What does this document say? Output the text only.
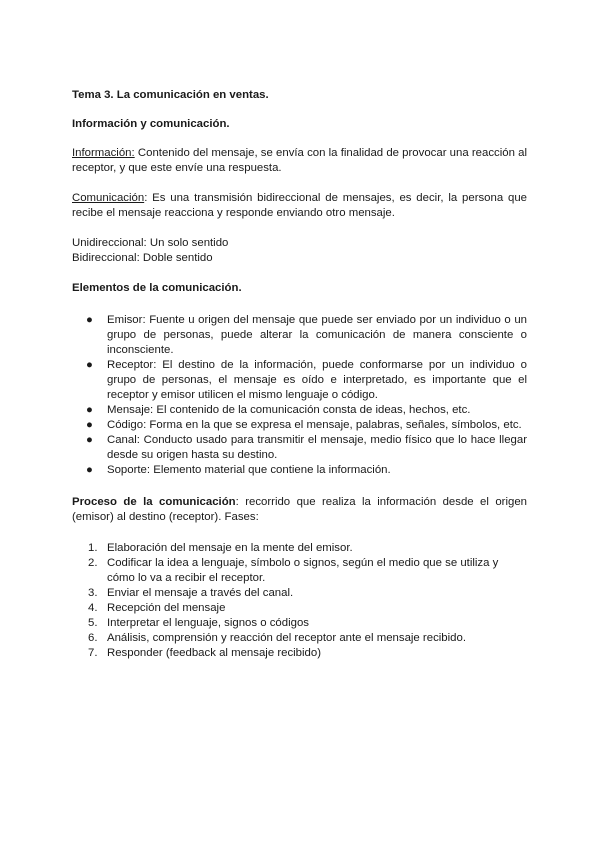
Tema 3. La comunicación en ventas.

Información y comunicación.

Información: Contenido del mensaje, se envía con la finalidad de provocar una reacción al receptor, y que este envíe una respuesta.

Comunicación: Es una transmisión bidireccional de mensajes, es decir, la persona que recibe el mensaje reacciona y responde enviando otro mensaje.

Unidireccional: Un solo sentido

Bidireccional: Doble sentido

Elementos de la comunicación.

● Emisor: Fuente u origen del mensaje que puede ser enviado por un individuo o un grupo de personas, puede alterar la comunicación de manera consciente o inconsciente.
● Receptor: El destino de la información, puede conformarse por un individuo o grupo de personas, el mensaje es oído e interpretado, es importante que el receptor y emisor utilicen el mismo lenguaje o código.
● Mensaje: El contenido de la comunicación consta de ideas, hechos, etc.
● Código: Forma en la que se expresa el mensaje, palabras, señales, símbolos, etc.
● Canal: Conducto usado para transmitir el mensaje, medio físico que lo hace llegar desde su origen hasta su destino.
● Soporte: Elemento material que contiene la información.

Proceso de la comunicación: recorrido que realiza la información desde el origen (emisor) al destino (receptor). Fases:

1. Elaboración del mensaje en la mente del emisor.
2. Codificar la idea a lenguaje, símbolo o signos, según el medio que se utiliza y cómo lo va a recibir el receptor.
3. Enviar el mensaje a través del canal.
4. Recepción del mensaje
5. Interpretar el lenguaje, signos o códigos
6. Análisis, comprensión y reacción del receptor ante el mensaje recibido.
7. Responder (feedback al mensaje recibido)
